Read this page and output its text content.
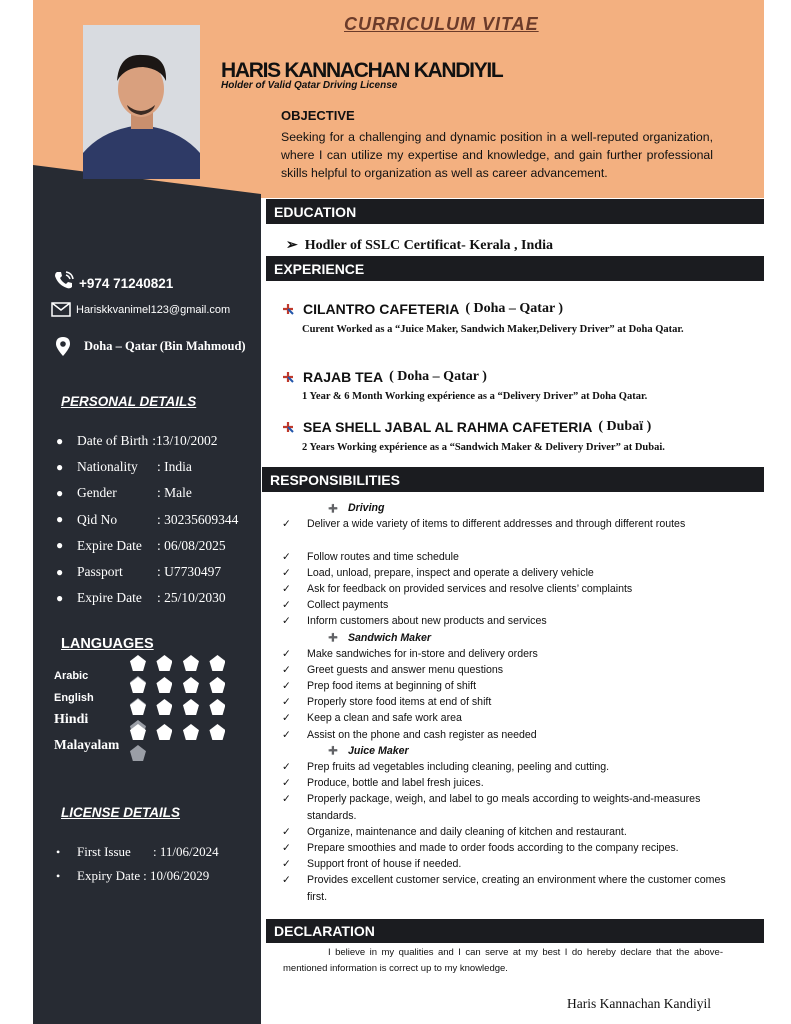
CURRICULUM VITAE
HARIS KANNACHAN KANDIYIL
Holder of Valid Qatar Driving License
OBJECTIVE
Seeking for a challenging and dynamic position in a well-reputed organization, where I can utilize my expertise and knowledge, and gain further professional skills helpful to organization as well as career advancement.
+974 71240821
Hariskkvanimel123@gmail.com
Doha – Qatar (Bin Mahmoud)
PERSONAL DETAILS
●	Date of Birth :13/10/2002
●	Nationality	: India
●	Gender	: Male
●	Qid No	: 30235609344
●	Expire Date	: 06/08/2025
●	Passport	: U7730497
●	Expire Date	: 25/10/2030
LANGUAGES
Arabic
English
Hindi
Malayalam
LICENSE DETAILS
•	First Issue	: 11/06/2024
•	Expiry Date : 10/06/2029
EDUCATION
➢ Hodler of SSLC Certificat- Kerala , India
EXPERIENCE
CILANTRO CAFETERIA ( Doha – Qatar )
Curent Worked as a “Juice Maker, Sandwich Maker,Delivery Driver” at Doha Qatar.
RAJAB TEA ( Doha – Qatar )
1 Year & 6 Month Working expérience as a “Delivery Driver” at Doha Qatar.
SEA SHELL JABAL AL RAHMA CAFETERIA ( Dubaï )
2 Years Working expérience as a “Sandwich Maker & Delivery Driver” at Dubai.
RESPONSIBILITIES
➕ Driving
✓	Deliver a wide variety of items to different addresses and through different routes
✓	Follow routes and time schedule
✓	Load, unload, prepare, inspect and operate a delivery vehicle
✓	Ask for feedback on provided services and resolve clients’ complaints
✓	Collect payments
✓	Inform customers about new products and services
➕ Sandwich Maker
✓	Make sandwiches for in-store and delivery orders
✓	Greet guests and answer menu questions
✓	Prep food items at beginning of shift
✓	Properly store food items at end of shift
✓	Keep a clean and safe work area
✓	Assist on the phone and cash register as needed
➕ Juice Maker
✓	Prep fruits ad vegetables including cleaning, peeling and cutting.
✓	Produce, bottle and label fresh juices.
✓	Properly package, weigh, and label to go meals according to weights-and-measures standards.
✓	Organize, maintenance and daily cleaning of kitchen and restaurant.
✓	Prepare smoothies and made to order foods according to the company recipes.
✓	Support front of house if needed.
✓	Provides excellent customer service, creating an environment where the customer comes first.
DECLARATION
I believe in my qualities and I can serve at my best I do hereby declare that the above-mentioned information is correct up to my knowledge.
Haris Kannachan Kandiyil
